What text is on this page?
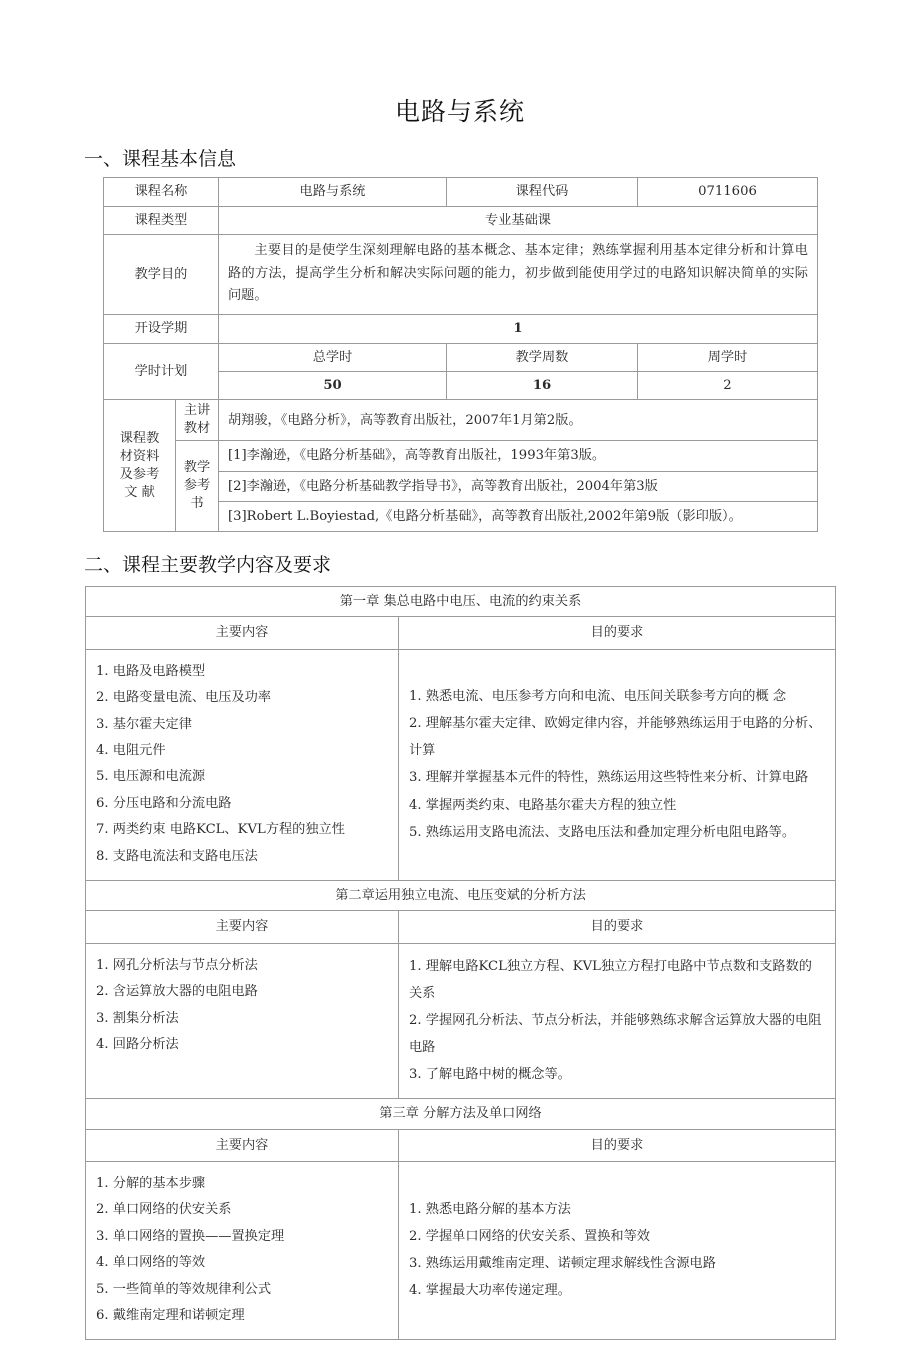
电路与系统
一、课程基本信息
课程名称		电路与系统	课程代码	0711606
课程类型		专业基础课		
教学目的		主要目的是使学生深刻理解电路的基本概念、基本定律；熟练掌握利用基本定律分析和计算电路的方法，提高学生分析和解决实际问题的能力，初步做到能使用学过的电路知识解决简单的实际问题。		

开设学期		1		
学时计划		总学时	教学周数	周学时
		50	16	2
课程教材资料及参考文 献	主讲教材	胡翔骏，《电路分析》，高等教育出版社，2007年1月第2版。		
	教学参考书	[1]李瀚逊，《电路分析基础》，高等教育出版社，1993年第3版。		
		[2]李瀚逊，《电路分析基础教学指导书》，高等教育出版社，2004年第3版		
		[3]Robert L.Boyiestad,《电路分析基础》，高等教育出版社,2002年第9版（影印版）。		
二、课程主要教学内容及要求
第一章 集总电路中电压、电流的约束关系	
主要内容	目的要求

1. 电路及电路模型
2. 电路变量电流、电压及功率
3. 基尔霍夫定律
4. 电阻元件
5. 电压源和电流源
6. 分压电路和分流电路
7. 两类约束 电路KCL、KVL方程的独立性
8. 支路电流法和支路电压法

1. 熟悉电流、电压参考方向和电流、电压间关联参考方向的概 念
2. 理解基尔霍夫定律、欧姆定律内容，并能够熟练运用于电路的分析、计算
3. 理解并掌握基本元件的特性，熟练运用这些特性来分析、计算电路
4. 掌握两类约束、电路基尔霍夫方程的独立性
5. 熟练运用支路电流法、支路电压法和叠加定理分析电阻电路等。

第二章运用独立电流、电压变斌的分析方法	
主要内容	目的要求

1. 网孔分析法与节点分析法
2. 含运算放大器的电阻电路
3. 割集分析法
4. 回路分析法	1. 理解电路KCL独立方程、KVL独立方程打电路中节点数和支路数的关系
2. 学握网孔分析法、节点分析法，并能够熟练求解含运算放大器的电阻电路
3. 了解电路中树的概念等。

第三章 分解方法及单口网络	
主要内容	目的要求

1. 分解的基本步骤
2. 单口网络的伏安关系
3. 单口网络的置换——置换定理
4. 单口网络的等效
5. 一些简单的等效规律利公式
6. 戴维南定理和诺顿定理

1. 熟悉电路分解的基本方法
2. 学握单口网络的伏安关系、置换和等效
3. 熟练运用戴维南定理、诺顿定理求解线性含源电路
4. 掌握最大功率传递定理。
